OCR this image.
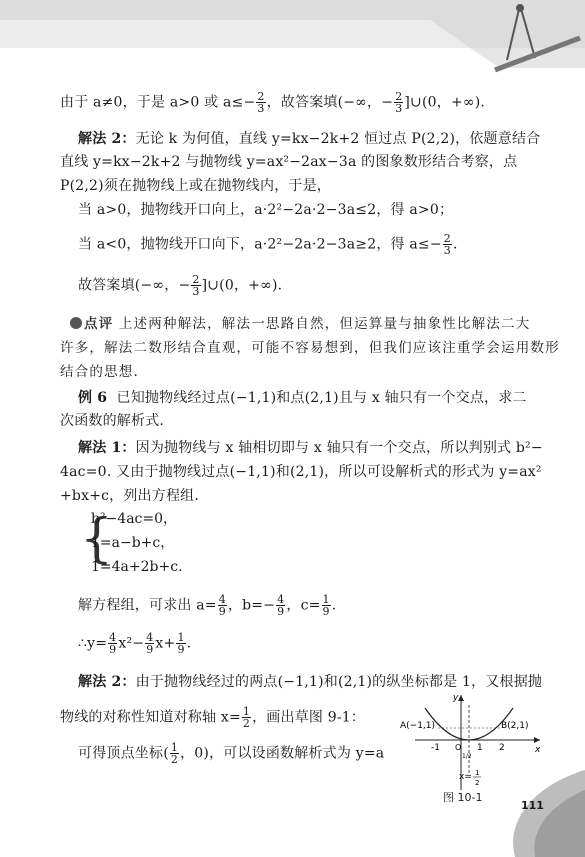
由于 a≠0，于是 a>0 或 $a\le- \frac{2}{3}$ ，故答案填(−∞，− $\frac{2}{3}$ ]∪(0，+∞).
解法 2：无论 k 为何值，直线 y=kx−2k+2 恒过点 P(2,2)，依题意结合
直线 y=kx−2k+2 与抛物线 y=ax²−2ax−3a 的图象数形结合考察，点
P(2,2)须在抛物线上或在抛物线内，于是，
当 a>0，抛物线开口向上，a·2²−2a·2−3a≤2，得 a>0；
当 a<0，抛物线开口向下，a·2²−2a·2−3a≥2，得 $a\le- \frac{2}{3}$ .
故答案填(−∞，− $\frac{2}{3}$ ]∪(0，+∞).
点评 上述两种解法，解法一思路自然，但运算量与抽象性比解法二大
许多，解法二数形结合直观，可能不容易想到，但我们应该注重学会运用数形
结合的思想.
例 6 已知抛物线经过点(−1,1)和点(2,1)且与 x 轴只有一个交点，求二
次函数的解析式.
解法 1：因为抛物线与 x 轴相切即与 x 轴只有一个交点，所以判别式 b²−
4ac=0. 又由于抛物线过点(−1,1)和(2,1)，所以可设解析式的形式为 y=ax²
+bx+c，列出方程组.
{
b²−4ac=0，
1=a−b+c，
1=4a+2b+c.
解方程组，可求出 $a= \frac{4}{9}$ ，$b=- \frac{4}{9}$ ，$c= \frac{1}{9}$ .
∴y= $\frac{4}{9} x^2- \frac{4}{9} x+ \frac{1}{9}$ .
解法 2：由于抛物线经过的两点(−1,1)和(2,1)的纵坐标都是 1，又根据抛
物线的对称性知道对称轴 $x= \frac{1}{2}$ ，画出草图 9-1：
可得顶点坐标( $\frac{1}{2}$ ，0)，可以设函数解析式为 y=a
y
x
A(−1,1)	B(2,1)
-1 O 1 2
1/2
x= 1
2
图 10-1
111
